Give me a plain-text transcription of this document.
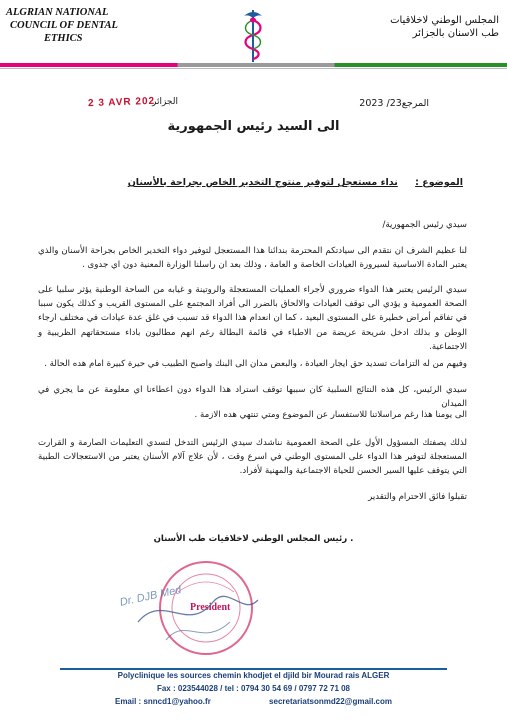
ALGRIAN NATIONAL
COUNCIL OF DENTAL
ETHICS
المجلس الوطني لاخلاقيات
طب الاسنان بالجزائر
المرجع23/ 2023
الجزائر
2 3 AVR 202
الى السيد رئيس الجمهورية
الموضوع : نداء مستعجل لتوفير منتوج التخدير الخاص بجراحة بالأسنان
سيدي رئيس الجمهورية/
لنا عظيم الشرف ان نتقدم الى سيادتكم المحترمة بندائنا هذا المستعجل لتوفير دواء التخدير الخاص بجراحة الأسنان والذي يعتبر المادة الاساسية لسيرورة العيادات الخاصة و العامة ، وذلك بعد ان راسلنا الوزارة المعنية دون اي جدوى .
سيدي الرئيس يعتبر هذا الدواء ضروري لأجراء العمليات المستعجلة والروتينة و غيابه من الساحة الوطنية يؤثر سلبيا على الصحة العمومية و يؤدي الى توقف العيادات والالحاق بالضرر الى أفراد المجتمع على المستوى القريب و كذلك يكون سببا في تفاقم أمراض خطيرة على المستوى البعيد ، كما ان انعدام هذا الدواء قد تسبب في غلق عدة عيادات في مختلف ارجاء الوطن و بذلك ادخل شريحة عريضة من الاطباء في قائمة البطالة رغم انهم مطالبون باداء مستحقاتهم الظريبية و الاجتماعية.
وفيهم من له التزامات تسديد حق ايجار العيادة ، والبعض مدان الى البنك واصبح الطبيب في حيرة كبيرة امام هده الحالة .
سيدي الرئيس، كل هذه النتائج السلبية كان سببها توقف استراد هذا الدواء دون اعطاءنا اي معلومة عن ما يجري في الميدان
الى يومنا هذا رغم مراسلاتنا للاستفسار عن الموضوع ومتي تنتهي هده الازمة .
لذلك يصفتك المسؤول الأول على الصحة العمومية نناشدك سيدي الرئيس التدخل لتسدي التعليمات الصارمة و القرارت المستعجلة لتوفير هذا الدواء على المستوى الوطني في اسرع وقت ، لأن علاج آلام الأسنان يعتبر من الاستعجالات الطبية التي يتوقف عليها السير الحسن للحياة الاجتماعية والمهنية لأفراد.
تقبلوا فائق الاحترام والتقدير
. رئيس المجلس الوطني لاخلاقيات طب الأسنان
President
Dr. DJB Med
Polyclinique les sources chemin khodjet el djild bir Mourad rais ALGER
Fax : 023544028 / tel : 0794 30 54 69 / 0797 72 71 08
Email : snncd1@yahoo.fr	secretariatsonmd22@gmail.com
